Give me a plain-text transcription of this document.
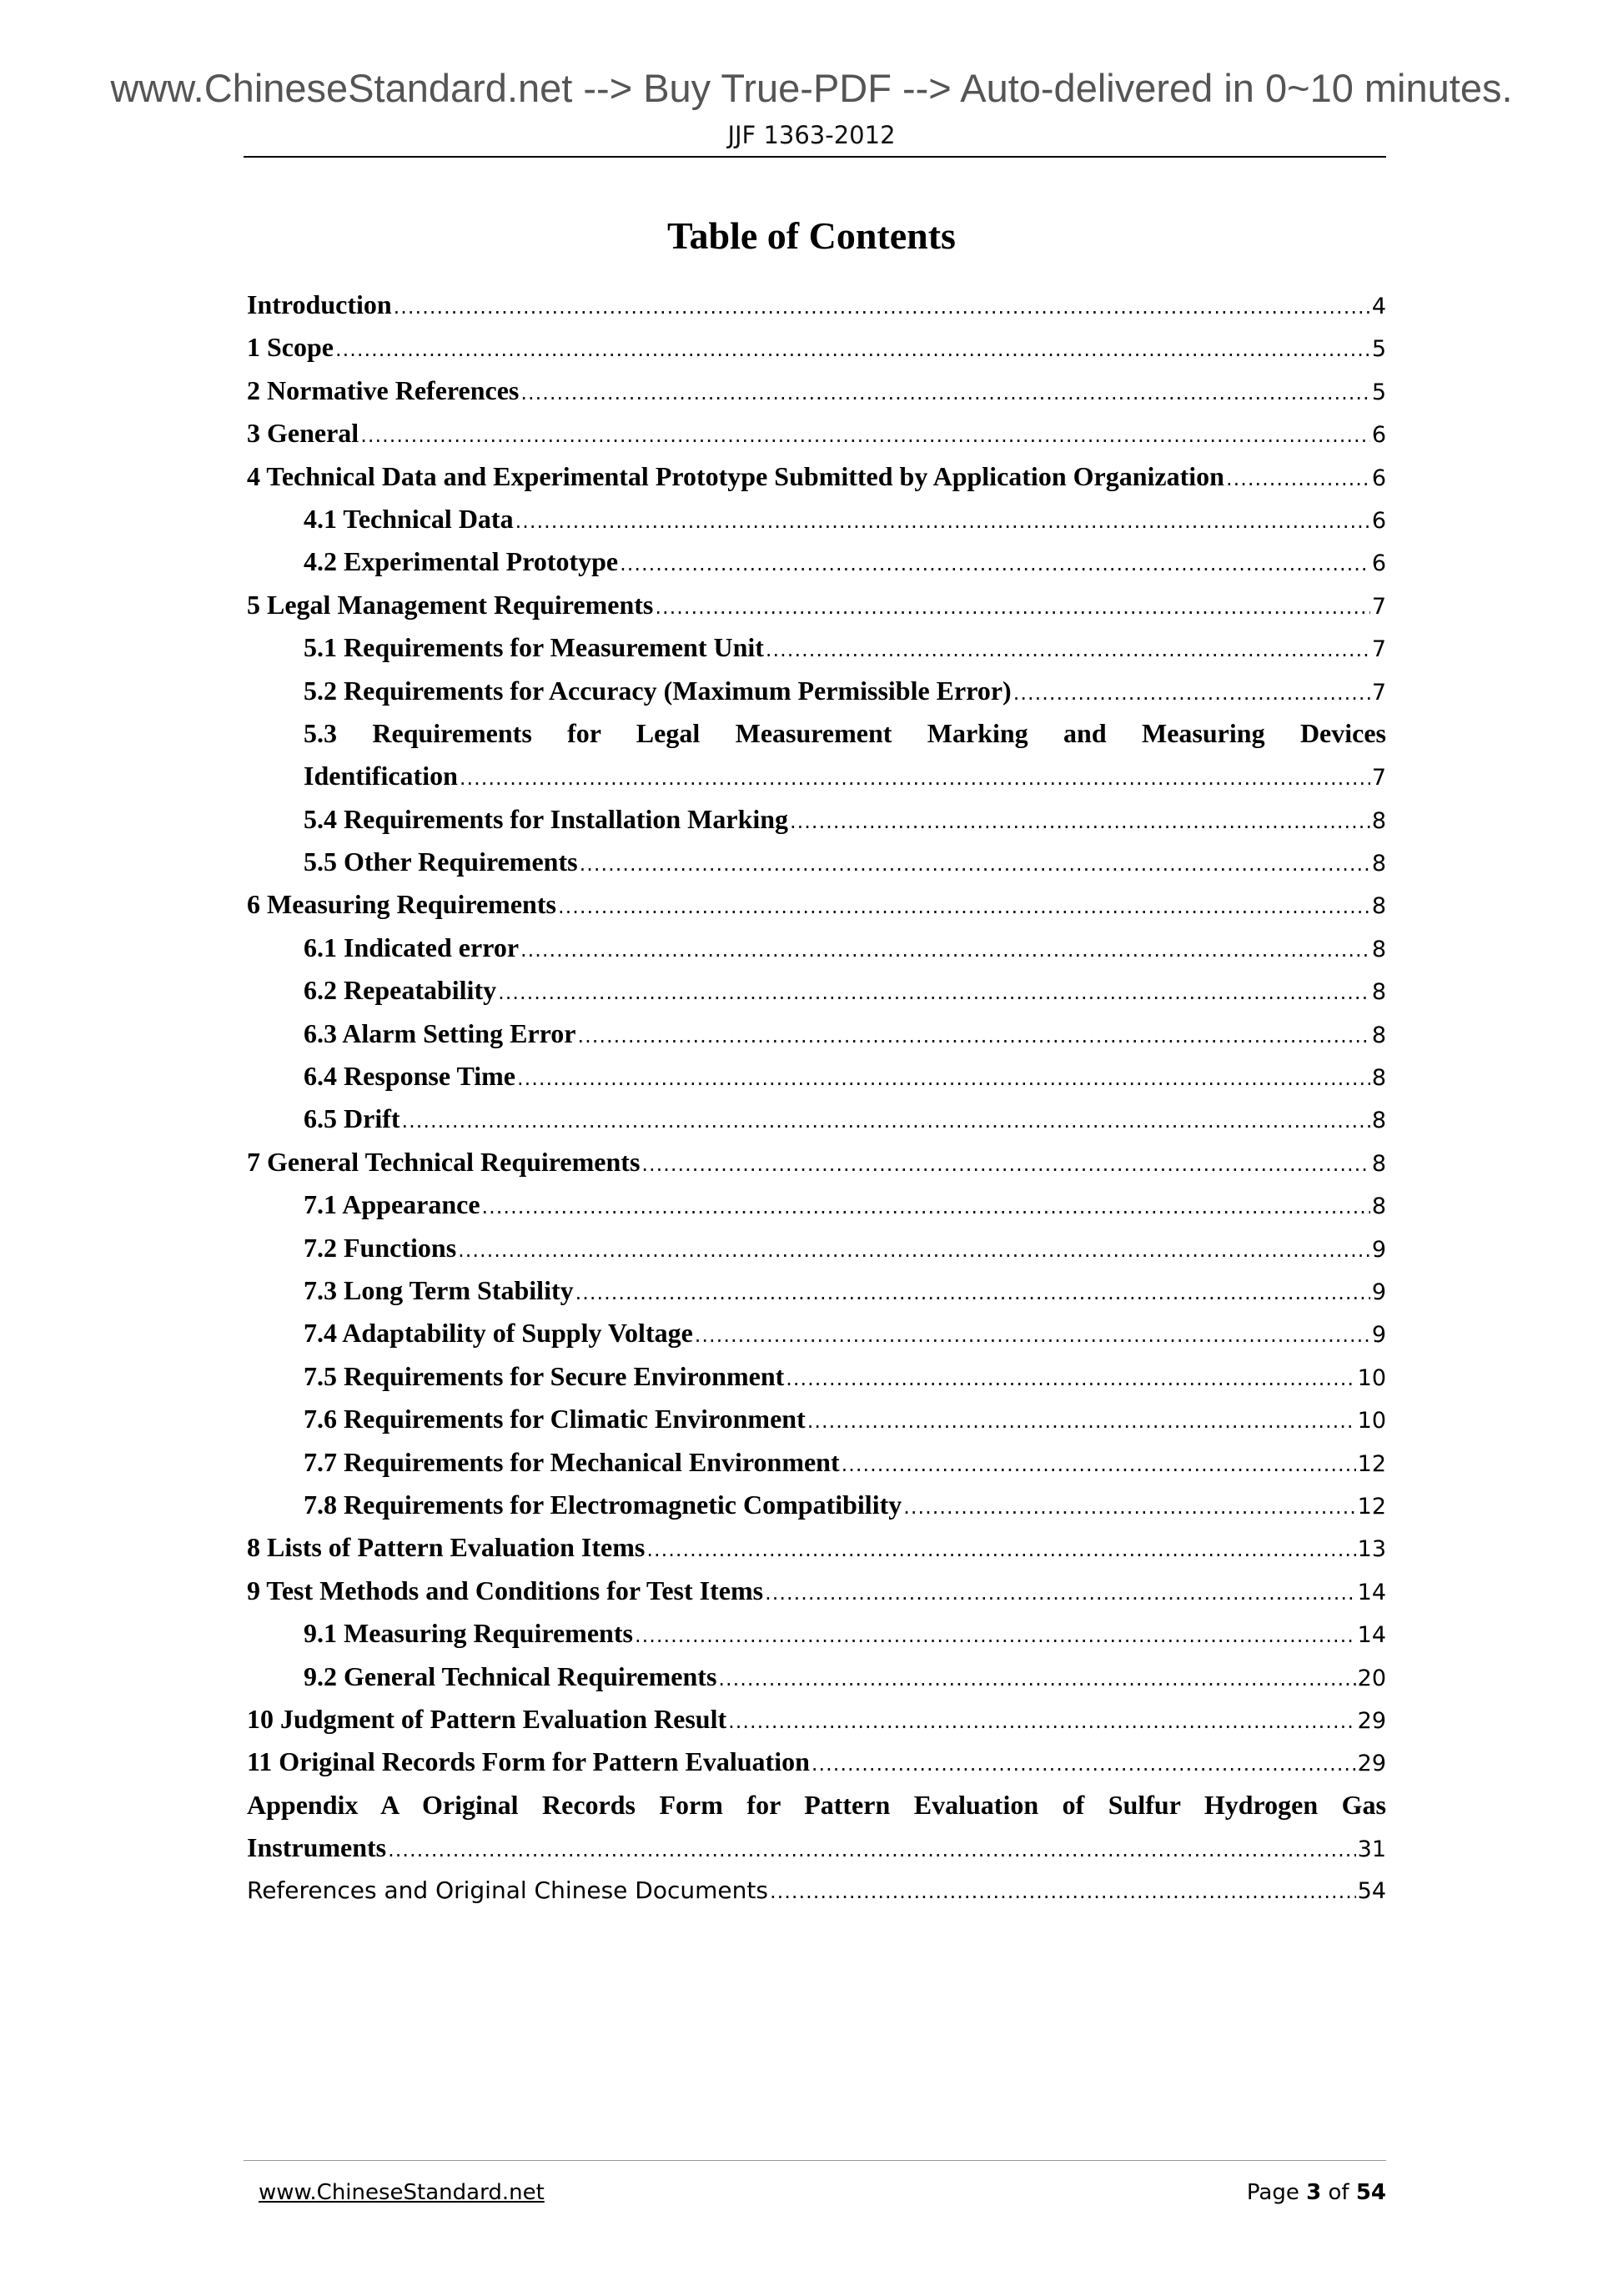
www.ChineseStandard.net --> Buy True-PDF --> Auto-delivered in 0~10 minutes.
JJF 1363-2012
Table of Contents
Introduction .....	4
1 Scope .....	5
2 Normative References .....	5
3 General .....	6
4 Technical Data and Experimental Prototype Submitted by Application Organization .....	6
4.1 Technical Data .....	6
4.2 Experimental Prototype .....	6
5 Legal Management Requirements .....	7
5.1 Requirements for Measurement Unit .....	7
5.2 Requirements for Accuracy (Maximum Permissible Error) .....	7
5.3 Requirements for Legal Measurement Marking and Measuring Devices
Identification .....	7
5.4 Requirements for Installation Marking .....	8
5.5 Other Requirements .....	8
6 Measuring Requirements .....	8
6.1 Indicated error .....	8
6.2 Repeatability .....	8
6.3 Alarm Setting Error .....	8
6.4 Response Time .....	8
6.5 Drift .....	8
7 General Technical Requirements .....	8
7.1 Appearance .....	8
7.2 Functions .....	9
7.3 Long Term Stability .....	9
7.4 Adaptability of Supply Voltage .....	9
7.5 Requirements for Secure Environment .....	10
7.6 Requirements for Climatic Environment .....	10
7.7 Requirements for Mechanical Environment .....	12
7.8 Requirements for Electromagnetic Compatibility .....	12
8 Lists of Pattern Evaluation Items .....	13
9 Test Methods and Conditions for Test Items .....	14
9.1 Measuring Requirements .....	14
9.2 General Technical Requirements .....	20
10 Judgment of Pattern Evaluation Result .....	29
11 Original Records Form for Pattern Evaluation .....	29
Appendix A Original Records Form for Pattern Evaluation of Sulfur Hydrogen Gas
Instruments .....	31
References and Original Chinese Documents .....	54
www.ChineseStandard.net	Page 3 of 54
